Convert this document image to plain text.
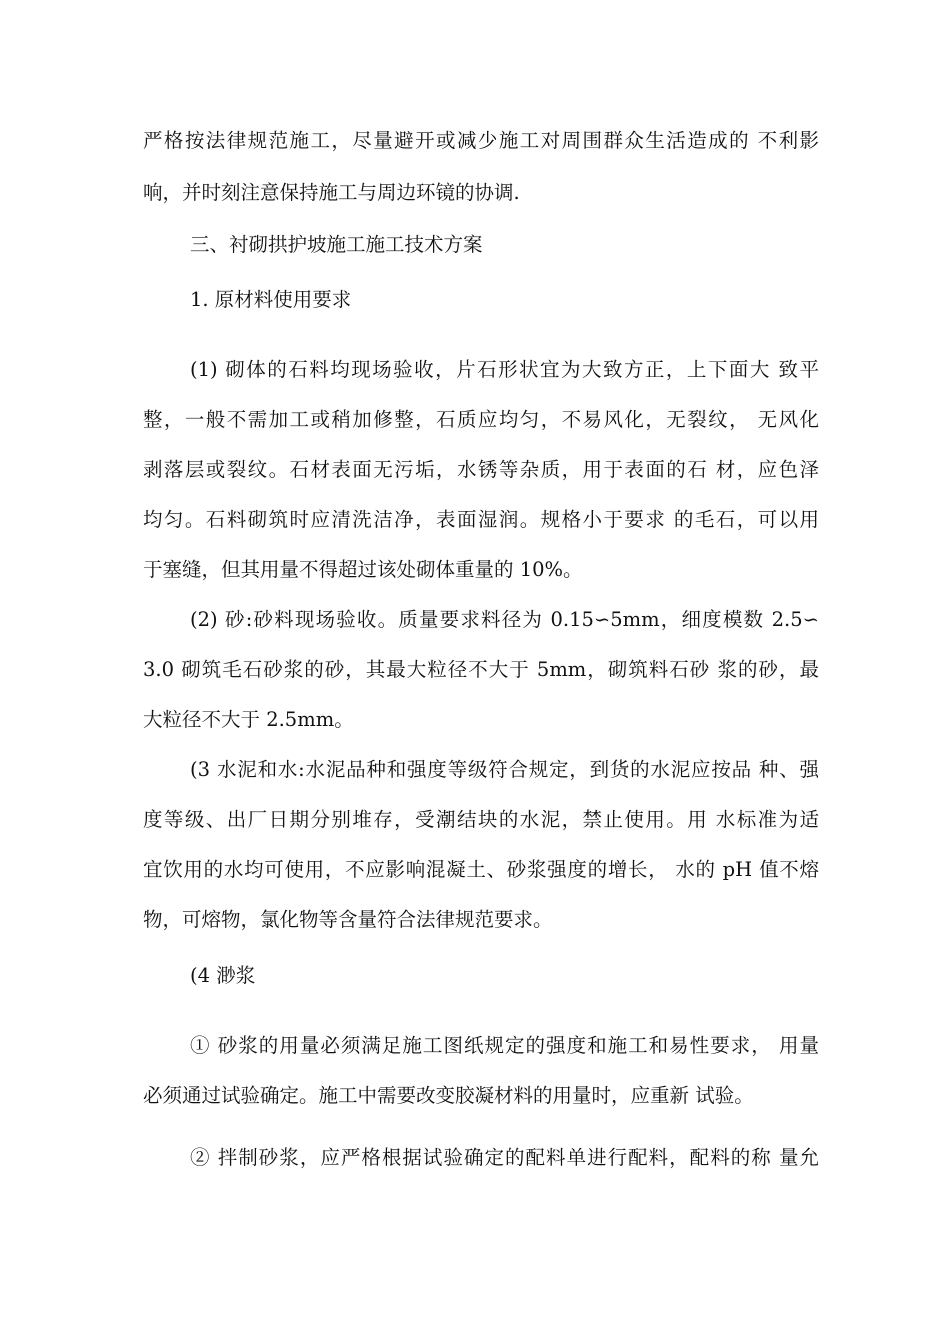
严格按法律规范施工，尽量避开或减少施工对周围群众生活造成的 不利影
响，并时刻注意保持施工与周边环镜的协调.
三、衬砌拱护坡施工施工技术方案
1. 原材料使用要求
(1) 砌体的石料均现场验收，片石形状宜为大致方正，上下面大 致平
整，一般不需加工或稍加修整，石质应均匀，不易风化，无裂纹， 无风化
剥落层或裂纹。石材表面无污垢，水锈等杂质，用于表面的石 材，应色泽
均匀。石料砌筑时应清洗洁净，表面湿润。规格小于要求 的毛石，可以用
于塞缝，但其用量不得超过该处砌体重量的 10%。
(2) 砂:砂料现场验收。质量要求料径为 0.15∽5mm，细度模数 2.5∽
3.0 砌筑毛石砂浆的砂，其最大粒径不大于 5mm，砌筑料石砂 浆的砂，最
大粒径不大于 2.5mm。
(3 水泥和水:水泥品种和强度等级符合规定，到货的水泥应按品 种、强
度等级、出厂日期分别堆存，受潮结块的水泥，禁止使用。用 水标准为适
宜饮用的水均可使用，不应影响混凝土、砂浆强度的增长， 水的 pH 值不熔
物，可熔物，氯化物等含量符合法律规范要求。
(4 渺浆
① 砂浆的用量必须满足施工图纸规定的强度和施工和易性要求， 用量
必须通过试验确定。施工中需要改变胶凝材料的用量时，应重新 试验。
② 拌制砂浆，应严格根据试验确定的配料单进行配料，配料的称 量允
